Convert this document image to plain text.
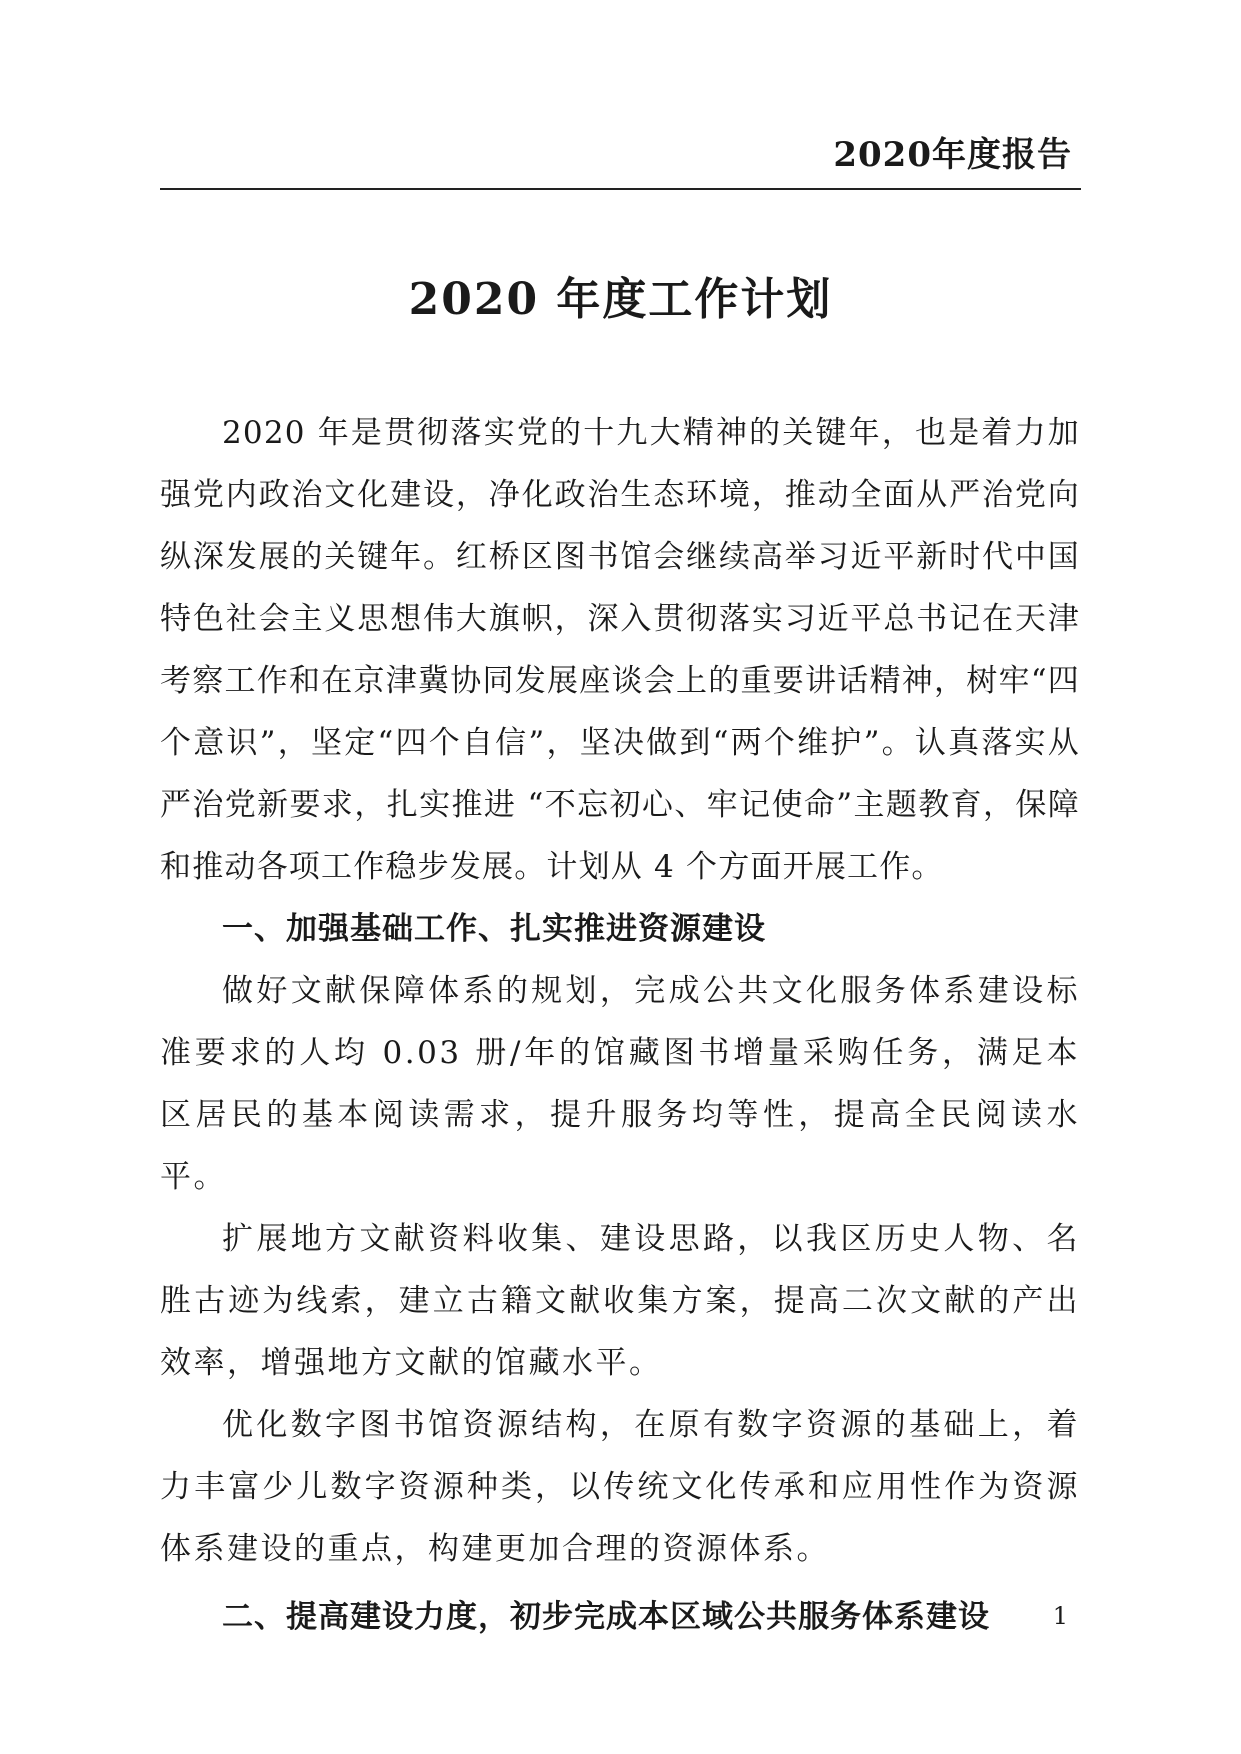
2020年度报告
2020 年度工作计划

2020 年是贯彻落实党的十九大精神的关键年，也是着力加强党内政治文化建设，净化政治生态环境，推动全面从严治党向纵深发展的关键年。红桥区图书馆会继续高举习近平新时代中国特色社会主义思想伟大旗帜，深入贯彻落实习近平总书记在天津考察工作和在京津冀协同发展座谈会上的重要讲话精神，树牢“四个意识”，坚定“四个自信”，坚决做到“两个维护”。认真落实从严治党新要求，扎实推进 “不忘初心、牢记使命”主题教育，保障和推动各项工作稳步发展。计划从 4 个方面开展工作。

一、加强基础工作、扎实推进资源建设

做好文献保障体系的规划，完成公共文化服务体系建设标准要求的人均 0.03 册/年的馆藏图书增量采购任务，满足本区居民的基本阅读需求，提升服务均等性，提高全民阅读水平。

扩展地方文献资料收集、建设思路，以我区历史人物、名胜古迹为线索，建立古籍文献收集方案，提高二次文献的产出效率，增强地方文献的馆藏水平。

优化数字图书馆资源结构，在原有数字资源的基础上，着力丰富少儿数字资源种类，以传统文化传承和应用性作为资源体系建设的重点，构建更加合理的资源体系。

二、提高建设力度，初步完成本区域公共服务体系建设	1
